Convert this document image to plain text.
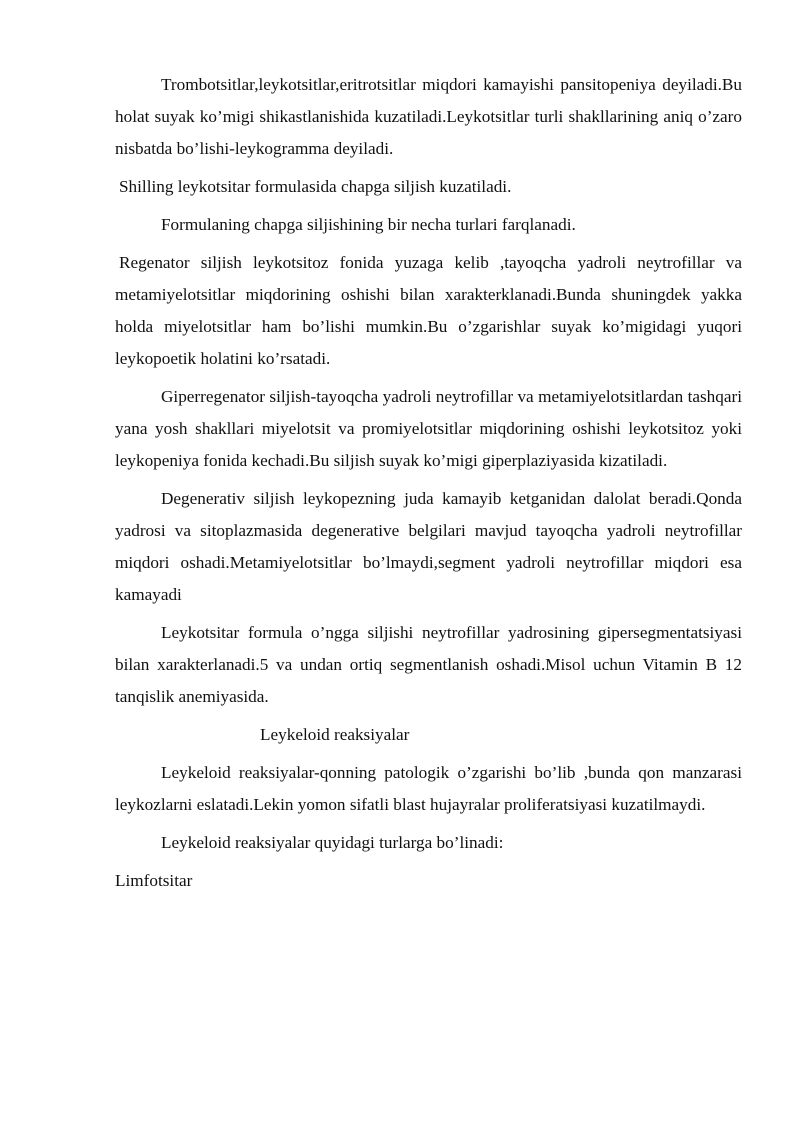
Trombotsitlar,leykotsitlar,eritrotsitlar miqdori kamayishi pansitopeniya deyiladi.Bu holat suyak ko’migi shikastlanishida kuzatiladi.Leykotsitlar turli shakllarining aniq o’zaro nisbatda bo’lishi-leykogramma deyiladi.

Shilling leykotsitar formulasida chapga siljish kuzatiladi.

Formulaning chapga siljishining bir necha turlari farqlanadi.

Regenator siljish leykotsitoz fonida yuzaga kelib ,tayoqcha yadroli neytrofillar va metamiyelotsitlar miqdorining oshishi bilan xarakterklanadi.Bunda shuningdek yakka holda miyelotsitlar ham bo’lishi mumkin.Bu o’zgarishlar suyak ko’migidagi yuqori leykopoetik holatini ko’rsatadi.

Giperregenator siljish-tayoqcha yadroli neytrofillar va metamiyelotsitlardan tashqari yana yosh shakllari miyelotsit va promiyelotsitlar miqdorining oshishi leykotsitoz yoki leykopeniya fonida kechadi.Bu siljish suyak ko’migi giperplaziyasida kizatiladi.

Degenerativ siljish leykopezning juda kamayib ketganidan dalolat beradi.Qonda yadrosi va sitoplazmasida degenerative belgilari mavjud tayoqcha yadroli neytrofillar miqdori oshadi.Metamiyelotsitlar bo’lmaydi,segment yadroli neytrofillar miqdori esa kamayadi

Leykotsitar formula o’ngga siljishi neytrofillar yadrosining gipersegmentatsiyasi bilan xarakterlanadi.5 va undan ortiq segmentlanish oshadi.Misol uchun Vitamin B 12 tanqislik anemiyasida.

Leykeloid reaksiyalar

Leykeloid reaksiyalar-qonning patologik o’zgarishi bo’lib ,bunda qon manzarasi leykozlarni eslatadi.Lekin yomon sifatli blast hujayralar proliferatsiyasi kuzatilmaydi.

Leykeloid reaksiyalar quyidagi turlarga bo’linadi:

Limfotsitar
